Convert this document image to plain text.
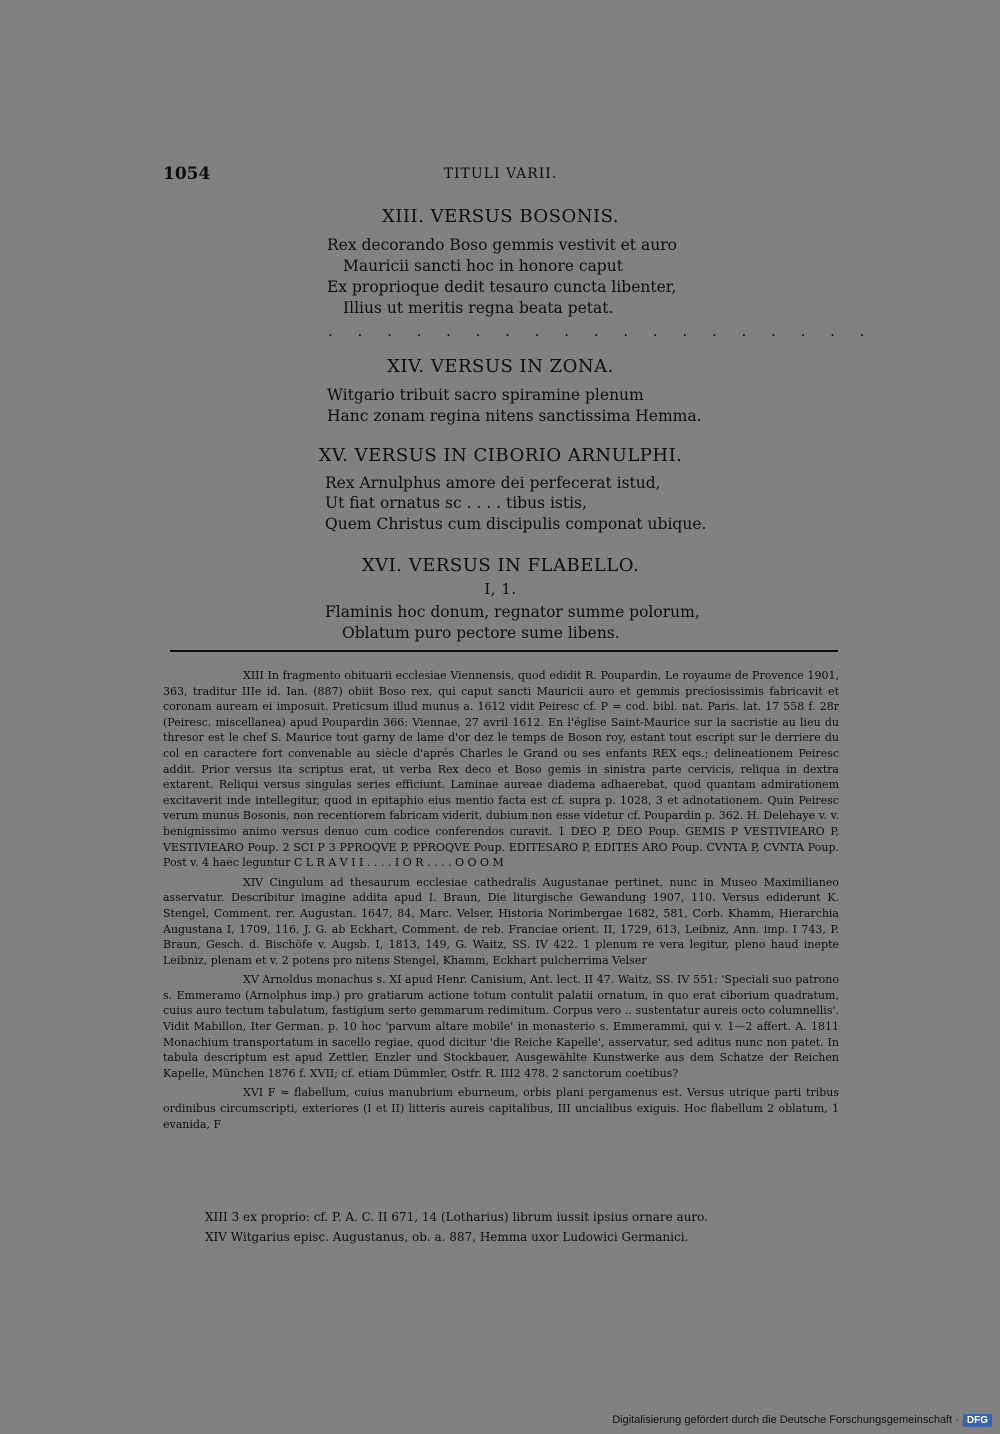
1054	TITULI VARII.
XIII. VERSUS BOSONIS.
Rex decorando Boso gemmis vestivit et auro
Mauricii sancti hoc in honore caput
Ex proprioque dedit tesauro cuncta libenter,
Illius ut meritis regna beata petat.
. . . . . . . . . . . . . . . . . . .
XIV. VERSUS IN ZONA.
Witgario tribuit sacro spiramine plenum
Hanc zonam regina nitens sanctissima Hemma.
XV. VERSUS IN CIBORIO ARNULPHI.
Rex Arnulphus amore dei perfecerat istud,
Ut fiat ornatus sc . . . . tibus istis,
Quem Christus cum discipulis componat ubique.
XVI. VERSUS IN FLABELLO.
I, 1.
Flaminis hoc donum, regnator summe polorum,
Oblatum puro pectore sume libens.

XIII In fragmento obituarii ecclesiae Viennensis, quod edidit R. Poupardin, Le royaume de Provence 1901, 363, traditur IIIe id. Ian. (887) obiit Boso rex, qui caput sancti Mauricii auro et gemmis preciosissimis fabricavit et coronam auream ei imposuit. Preticsum illud munus a. 1612 vidit Peiresc cf. P = cod. bibl. nat. Paris. lat. 17 558 f. 28r (Peiresc. miscellanea) apud Poupardin 366: Viennae, 27 avril 1612. En l'église Saint-Maurice sur la sacristie au lieu du thresor est le chef S. Maurice tout garny de lame d'or dez le temps de Boson roy, estant tout escript sur le derriere du col en caractere fort convenable au siècle d'aprés Charles le Grand ou ses enfants REX eqs.; delineationem Peiresc addit. Prior versus ita scriptus erat, ut verba Rex deco et Boso gemis in sinistra parte cervicis, reliqua in dextra extarent. Reliqui versus singulas series efficiunt. Laminae aureae diadema adhaerebat, quod quantam admirationem excitaverit inde intellegitur, quod in epitaphio eius mentio facta est cf. supra p. 1028, 3 et adnotationem. Quin Peiresc verum munus Bosonis, non recentiorem fabricam viderit, dubium non esse videtur cf. Poupardin p. 362. H. Delehaye v. v. benignissimo animo versus denuo cum codice conferendos curavit. 1 DEO P, DEO Poup. GEMIS P VESTIVIEARO P, VESTIVIEARO Poup. 2 SCI P 3 PPROQVE P, PPROQVE Poup. EDITESARO P, EDITES ARO Poup. CVNTA P, CVNTA Poup. Post v. 4 haec leguntur C L R A V I I . . . . I O R . . . . O O O M

XIV Cingulum ad thesaurum ecclesiae cathedralis Augustanae pertinet, nunc in Museo Maximilianeo asservatur. Describitur imagine addita apud I. Braun, Die liturgische Gewandung 1907, 110. Versus ediderunt K. Stengel, Comment. rer. Augustan. 1647, 84, Marc. Velser, Historia Norimbergae 1682, 581, Corb. Khamm, Hierarchia Augustana I, 1709, 116, J. G. ab Eckhart, Comment. de reb. Franciae orient. II, 1729, 613, Leibniz, Ann. imp. I 743, P. Braun, Gesch. d. Bischöfe v. Augsb. I, 1813, 149, G. Waitz, SS. IV 422. 1 plenum re vera legitur, pleno haud inepte Leibniz, plenam et v. 2 potens pro nitens Stengel, Khamm, Eckhart pulcherrima Velser

XV Arnoldus monachus s. XI apud Henr. Canisium, Ant. lect. II 47. Waitz, SS. IV 551: 'Speciali suo patrono s. Emmeramo (Arnolphus imp.) pro gratiarum actione totum contulit palatii ornatum, in quo erat ciborium quadratum, cuius auro tectum tabulatum, fastigium serto gemmarum redimitum. Corpus vero .. sustentatur aureis octo columnellis'. Vidit Mabillon, Iter German. p. 10 hoc 'parvum altare mobile' in monasterio s. Emmerammi, qui v. 1—2 affert. A. 1811 Monachium transportatum in sacello regiae, quod dicitur 'die Reiche Kapelle', asservatur, sed aditus nunc non patet. In tabula descriptum est apud Zettler, Enzler und Stockbauer, Ausgewählte Kunstwerke aus dem Schatze der Reichen Kapelle, München 1876 f. XVII; cf. etiam Dümmler, Ostfr. R. III2 478. 2 sanctorum coetibus?

XVI F = flabellum, cuius manubrium eburneum, orbis plani pergamenus est. Versus utrique parti tribus ordinibus circumscripti, exteriores (I et II) litteris aureis capitalibus, III uncialibus exiguis. Hoc flabellum 2 oblatum, 1 evanida, F

XIII 3 ex proprio: cf. P. A. C. II 671, 14 (Lotharius) librum iussit ipsius ornare auro.
XIV Witgarius episc. Augustanus, ob. a. 887, Hemma uxor Ludowici Germanici.
Digitalisierung gefördert durch die Deutsche Forschungsgemeinschaft · DFG
